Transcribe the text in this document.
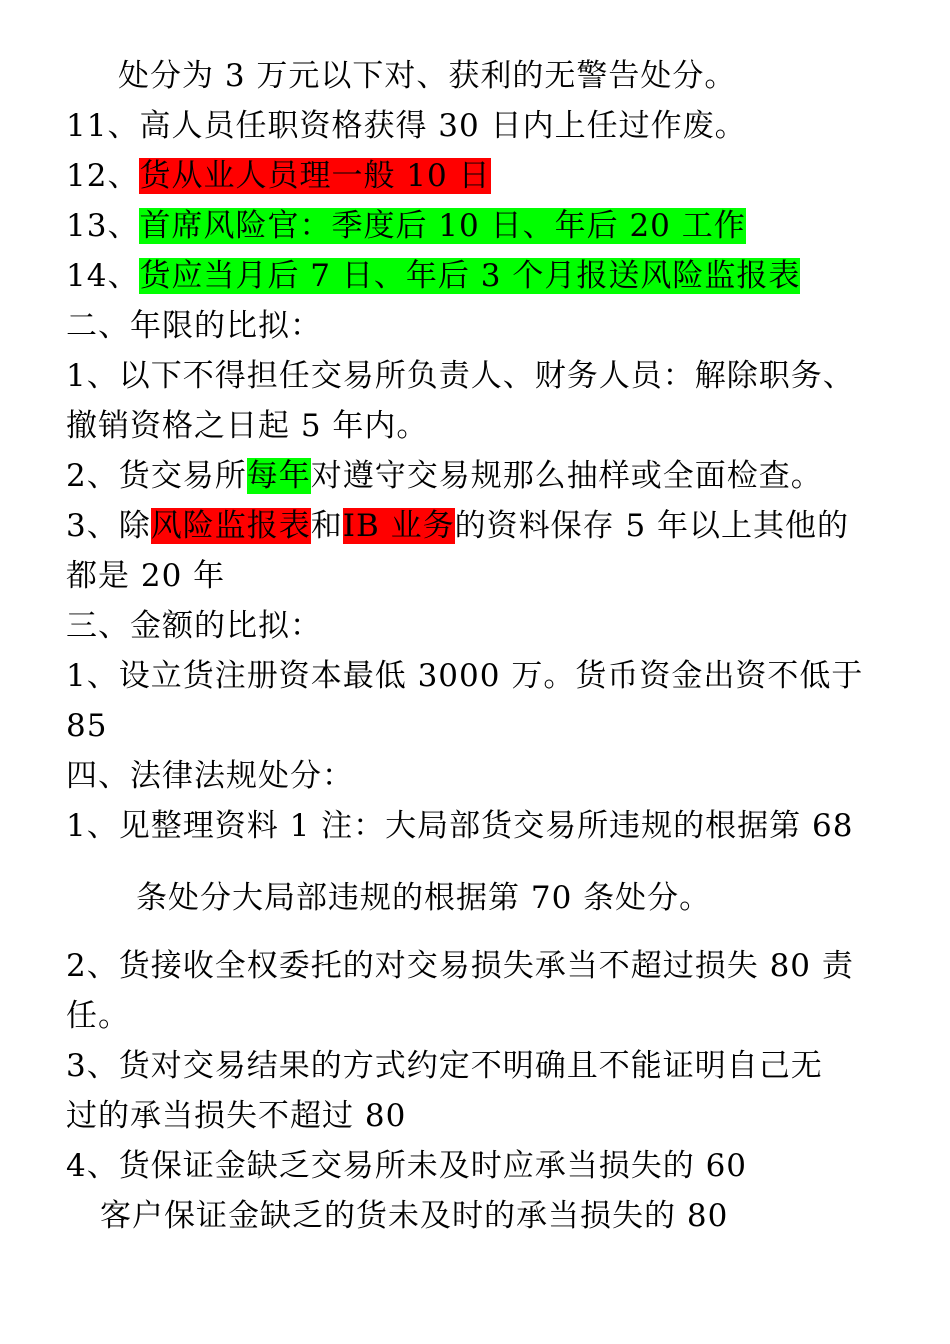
处分为 3 万元以下对、获利的无警告处分。
11、高人员任职资格获得 30 日内上任过作废。
12、货从业人员理一般 10 日
13、首席风险官：季度后 10 日、年后 20 工作
14、货应当月后 7 日、年后 3 个月报送风险监报表
二、年限的比拟：
1、以下不得担任交易所负责人、财务人员：解除职务、
撤销资格之日起 5 年内。
2、货交易所每年对遵守交易规那么抽样或全面检查。
3、除风险监报表和IB 业务的资料保存 5 年以上其他的
都是 20 年
三、金额的比拟：
1、设立货注册资本最低 3000 万。货币资金出资不低于
85
四、法律法规处分：
1、见整理资料 1 注：大局部货交易所违规的根据第 68
条处分大局部违规的根据第 70 条处分。
2、货接收全权委托的对交易损失承当不超过损失 80 责
任。
3、货对交易结果的方式约定不明确且不能证明自己无
过的承当损失不超过 80
4、货保证金缺乏交易所未及时应承当损失的 60
客户保证金缺乏的货未及时的承当损失的 80
